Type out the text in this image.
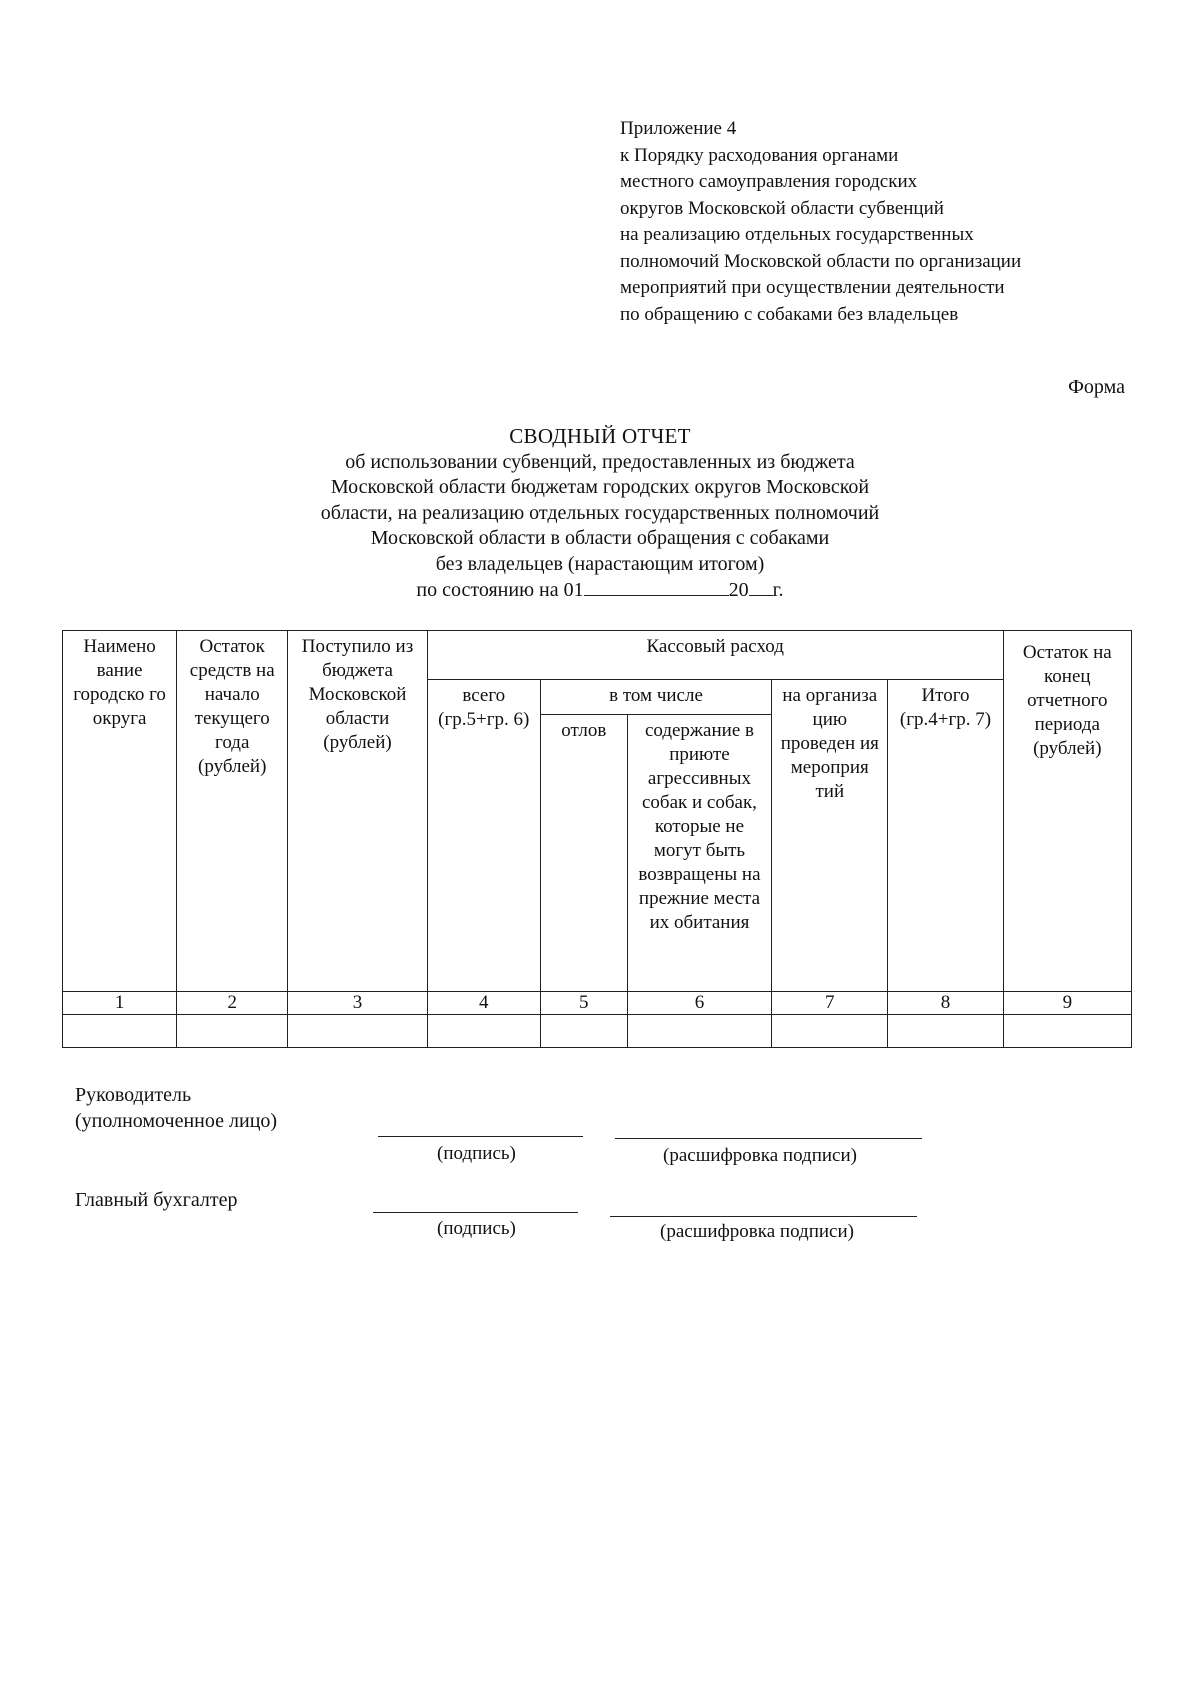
Приложение 4
к Порядку расходования органами
местного самоуправления городских
округов Московской области субвенций
на реализацию отдельных государственных
полномочий Московской области по организации
мероприятий при осуществлении деятельности
по обращению с собаками без владельцев
Форма
СВОДНЫЙ ОТЧЕТ
об использовании субвенций, предоставленных из бюджета
Московской области бюджетам городских округов Московской
области, на реализацию отдельных государственных полномочий
Московской области в области обращения с собаками
без владельцев (нарастающим итогом)
по состоянию на 01	20 г.
Наимено вание городско го округа	Остаток средств на начало текущего года (рублей)	Поступило из бюджета Московской области (рублей)	Кассовый расход					Остаток на конец отчетного периода (рублей)
			всего (гр.5+гр. 6)	в том числе		на организа цию проведен ия мероприя тий	Итого (гр.4+гр. 7)	
				отлов	содержание в приюте агрессивных собак и собак, которые не могут быть возвращены на прежние места их обитания			
1	2	3	4	5	6	7	8	9

Руководитель
(уполномоченное лицо)
(подпись)	(расшифровка подписи)
Главный бухгалтер
(подпись)	(расшифровка подписи)
